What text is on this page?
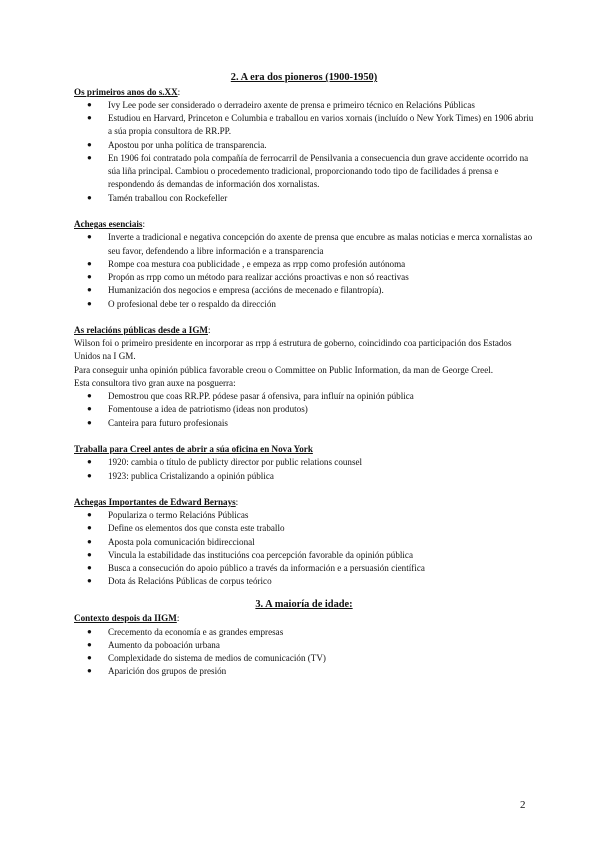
2. A era dos pioneros (1900-1950)

Os primeiros anos do s.XX:

● Ivy Lee pode ser considerado o derradeiro axente de prensa e primeiro técnico en Relacións Públicas
● Estudiou en Harvard, Princeton e Columbia e traballou en varios xornais (incluído o New York Times) en 1906 abriu a súa propia consultora de RR.PP.
● Apostou por unha política de transparencia.
● En 1906 foi contratado pola compañía de ferrocarril de Pensilvania a consecuencia dun grave accidente ocorrido na súa liña principal. Cambiou o procedemento tradicional, proporcionando todo tipo de facilidades á prensa e respondendo ás demandas de información dos xornalistas.
● Tamén traballou con Rockefeller

Achegas esenciais:

● Inverte a tradicional e negativa concepción do axente de prensa que encubre as malas noticias e merca xornalistas ao seu favor, defendendo a libre información e a transparencia
● Rompe coa mestura coa publicidade , e empeza as rrpp como profesión autónoma
● Propón as rrpp como un método para realizar accións proactivas e non só reactivas
● Humanización dos negocios e empresa (accións de mecenado e filantropía).
● O profesional debe ter o respaldo da dirección

As relacións públicas desde a IGM:

Wilson foi o primeiro presidente en incorporar as rrpp á estrutura de goberno, coincidindo coa participación dos Estados Unidos na I GM.

Para conseguir unha opinión pública favorable creou o Committee on Public Information, da man de George Creel.

Esta consultora tivo gran auxe na posguerra:

● Demostrou que coas RR.PP. pódese pasar á ofensiva, para influír na opinión pública
● Fomentouse a idea de patriotismo (ideas non produtos)
● Canteira para futuro profesionais

Traballa para Creel antes de abrir a súa oficina en Nova York

● 1920: cambia o título de publicty director por public relations counsel
● 1923: publica Cristalizando a opinión pública

Achegas Importantes de Edward Bernays:

● Populariza o termo Relacións Públicas
● Define os elementos dos que consta este traballo
● Aposta pola comunicación bidireccional
● Vincula la estabilidade das institucións coa percepción favorable da opinión pública
● Busca a consecución do apoio público a través da información e a persuasión científica
● Dota ás Relacións Públicas de corpus teórico
3. A maioría de idade:

Contexto despois da IIGM:

● Crecemento da economía e as grandes empresas
● Aumento da poboación urbana
● Complexidade do sistema de medios de comunicación (TV)
● Aparición dos grupos de presión
2
